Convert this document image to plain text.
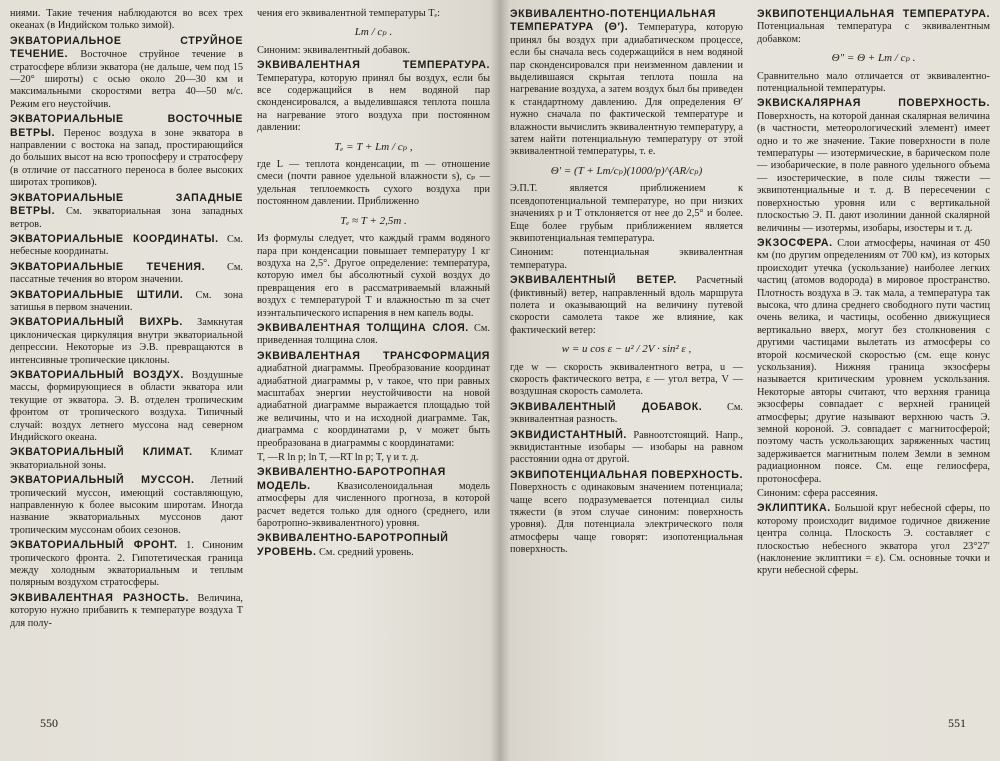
ниями. Такие течения наблюдаются во всех трех океанах (в Индийском только зимой).
ЭКВАТОРИАЛЬНОЕ СТРУЙНОЕ ТЕЧЕНИЕ. Восточное струйное течение в стратосфере вблизи экватора (не дальше, чем под 15—20° широты) с осью около 20—30 км и максимальными скоростями ветра 40—50 м/с. Режим его неустойчив.
ЭКВАТОРИАЛЬНЫЕ ВОСТОЧНЫЕ ВЕТРЫ. Перенос воздуха в зоне экватора в направлении с востока на запад, простирающийся до больших высот на всю тропосферу и стратосферу (в отличие от пассатного переноса в более высоких широтах тропиков).
ЭКВАТОРИАЛЬНЫЕ ЗАПАДНЫЕ ВЕТРЫ. См. экваториальная зона западных ветров.
ЭКВАТОРИАЛЬНЫЕ КООРДИНАТЫ. См. небесные координаты.
ЭКВАТОРИАЛЬНЫЕ ТЕЧЕНИЯ. См. пассатные течения во втором значении.
ЭКВАТОРИАЛЬНЫЕ ШТИЛИ. См. зона затишья в первом значении.
ЭКВАТОРИАЛЬНЫЙ ВИХРЬ. Замкнутая циклоническая циркуляция внутри экваториальной депрессии. Некоторые из Э.В. превращаются в интенсивные тропические циклоны.
ЭКВАТОРИАЛЬНЫЙ ВОЗДУХ. Воздушные массы, формирующиеся в области экватора или текущие от экватора. Э. В. отделен тропическим фронтом от тропического воздуха. Типичный случай: воздух летнего муссона над северном Индийского океана.
ЭКВАТОРИАЛЬНЫЙ КЛИМАТ. Климат экваториальной зоны.
ЭКВАТОРИАЛЬНЫЙ МУССОН. Летний тропический муссон, имеющий составляющую, направленную к более высоким широтам. Иногда название экваториальных муссонов дают тропическим муссонам обоих сезонов.
ЭКВАТОРИАЛЬНЫЙ ФРОНТ. 1. Синоним тропического фронта. 2. Гипотетическая граница между холодным экваториальным и теплым полярным воздухом стратосферы.
ЭКВИВАЛЕНТНАЯ РАЗНОСТЬ. Величина, которую нужно прибавить к температуре воздуха T для полу-
чения его эквивалентной температуры Tₑ:
Lm / cₚ .
Синоним: эквивалентный добавок.
ЭКВИВАЛЕНТНАЯ ТЕМПЕРАТУРА. Температура, которую принял бы воздух, если бы все содержащийся в нем водяной пар сконденсировался, а выделившаяся теплота пошла на нагревание этого воздуха при постоянном давлении:
Tₑ = T + Lm / cₚ ,
где L — теплота конденсации, m — отношение смеси (почти равное удельной влажности s), cₚ — удельная теплоемкость сухого воздуха при постоянном давлении. Приближенно
Tₑ ≈ T + 2,5m .
Из формулы следует, что каждый грамм водяного пара при конденсации повышает температуру 1 кг воздуха на 2,5°. Другое определение: температура, которую имел бы абсолютный сухой воздух до превращения его в рассматриваемый влажный воздух с температурой T и влажностью m за счет изэнтальпического испарения в нем капель воды.
ЭКВИВАЛЕНТНАЯ ТОЛЩИНА СЛОЯ. См. приведенная толщина слоя.
ЭКВИВАЛЕНТНАЯ ТРАНСФОРМАЦИЯ адиабатной диаграммы. Преобразование координат адиабатной диаграммы p, v такое, что при равных масштабах энергии неустойчивости на новой адиабатной диаграмме выражается площадью той же величины, что и на исходной диаграмме. Так, диаграмма с координатами p, v может быть преобразована в диаграммы с координатами:
T, —R ln p; ln T, —RT ln p; T, γ и т. д.
ЭКВИВАЛЕНТНО-БАРОТРОПНАЯ МОДЕЛЬ. Квазисоленоидальная модель атмосферы для численного прогноза, в которой расчет ведется только для одного (среднего, или баротропно-эквивалентного) уровня.
ЭКВИВАЛЕНТНО-БАРОТРОПНЫЙ УРОВЕНЬ. См. средний уровень.
550
ЭКВИВАЛЕНТНО-ПОТЕНЦИАЛЬНАЯ ТЕМПЕРАТУРА (Θ′). Температура, которую принял бы воздух при адиабатическом процессе, если бы сначала весь содержащийся в нем водяной пар сконденсировался при неизменном давлении и выделившаяся скрытая теплота пошла на нагревание воздуха, а затем воздух был бы приведен к стандартному давлению. Для определения Θ′ нужно сначала по фактической температуре и влажности вычислить эквивалентную температуру, а затем найти потенциальную температуру от этой эквивалентной температуры, т. е.
Θ′ = (T + Lm/cₚ)(1000/p)^(AR/cₚ)
Э.П.Т. является приближением к псевдопотенциальной температуре, но при низких значениях p и T отклоняется от нее до 2,5° и более. Еще более грубым приближением является эквипотенциальная температура.
Синоним: потенциальная эквивалентная температура.
ЭКВИВАЛЕНТНЫЙ ВЕТЕР. Расчетный (фиктивный) ветер, направленный вдоль маршрута полета и оказывающий на величину путевой скорости самолета такое же влияние, как фактический ветер:
w = u cos ε − u² / 2V · sin² ε ,
где w — скорость эквивалентного ветра, u — скорость фактического ветра, ε — угол ветра, V — воздушная скорость самолета.
ЭКВИВАЛЕНТНЫЙ ДОБАВОК. См. эквивалентная разность.
ЭКВИДИСТАНТНЫЙ. Равноотстоящий. Напр., эквидистантные изобары — изобары на равном расстоянии одна от другой.
ЭКВИПОТЕНЦИАЛЬНАЯ ПОВЕРХНОСТЬ. Поверхность с одинаковым значением потенциала; чаще всего подразумевается потенциал силы тяжести (в этом случае синоним: поверхность уровня). Для потенциала электрического поля атмосферы чаще говорят: изопотенциальная поверхность.
ЭКВИПОТЕНЦИАЛЬНАЯ ТЕМПЕРАТУРА. Потенциальная температура с эквивалентным добавком:
Θ″ = Θ + Lm / cₚ .
Сравнительно мало отличается от эквивалентно-потенциальной температуры.
ЭКВИСКАЛЯРНАЯ ПОВЕРХНОСТЬ. Поверхность, на которой данная скалярная величина (в частности, метеорологический элемент) имеет одно и то же значение. Такие поверхности в поле температуры — изотермические, в барическом поле — изобарические, в поле равного удельного объема — изостерические, в поле силы тяжести — эквипотенциальные и т. д. В пересечении с поверхностью уровня или с вертикальной плоскостью Э. П. дают изолинии данной скалярной величины — изотермы, изобары, изостеры и т. д.
ЭКЗОСФЕРА. Слои атмосферы, начиная от 450 км (по другим определениям от 700 км), из которых происходит утечка (ускользание) наиболее легких частиц (атомов водорода) в мировое пространство. Плотность воздуха в Э. так мала, а температура так высока, что длина среднего свободного пути частиц очень велика, и частицы, особенно движущиеся вертикально вверх, могут без столкновения с другими частицами вылетать из атмосферы со второй космической скоростью (см. еще конус ускользания). Нижняя граница экзосферы называется критическим уровнем ускользания. Некоторые авторы считают, что верхняя граница экзосферы совпадает с верхней границей атмосферы; другие называют верхнюю часть Э. земной короной. Э. совпадает с магнитосферой; поэтому часть ускользающих заряженных частиц задерживается магнитным полем Земли в земном радиационном поясе. См. еще гелиосфера, протоносфера.
Синоним: сфера рассеяния.
ЭКЛИПТИКА. Большой круг небесной сферы, по которому происходит видимое годичное движение центра солнца. Плоскость Э. составляет с плоскостью небесного экватора угол 23°27′ (наклонение эклиптики = ε). См. основные точки и круги небесной сферы.
551
